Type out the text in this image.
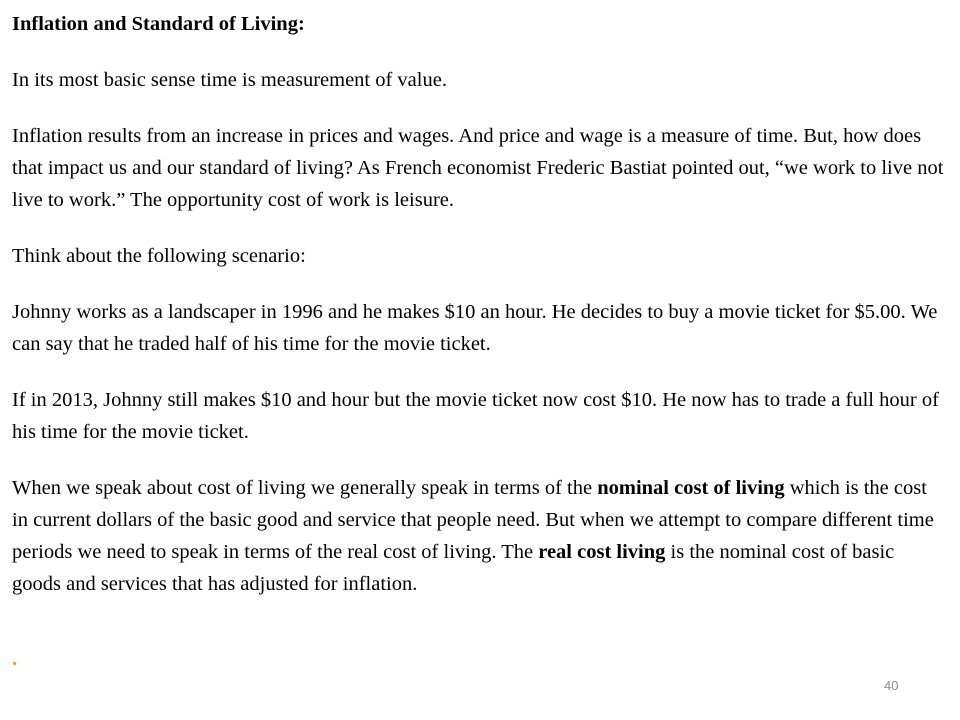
Inflation and Standard of Living:

In its most basic sense time is measurement of value.

Inflation results from an increase in prices and wages. And price and wage is a measure of time. But, how does that impact us and our standard of living? As French economist Frederic Bastiat pointed out, “we work to live not live to work.” The opportunity cost of work is leisure.

Think about the following scenario:

Johnny works as a landscaper in 1996 and he makes $10 an hour. He decides to buy a movie ticket for $5.00. We can say that he traded half of his time for the movie ticket.

If in 2013, Johnny still makes $10 and hour but the movie ticket now cost $10. He now has to trade a full hour of his time for the movie ticket.

When we speak about cost of living we generally speak in terms of the nominal cost of living which is the cost in current dollars of the basic good and service that people need. But when we attempt to compare different time periods we need to speak in terms of the real cost of living. The real cost living is the nominal cost of basic goods and services that has adjusted for inflation.

.
40
